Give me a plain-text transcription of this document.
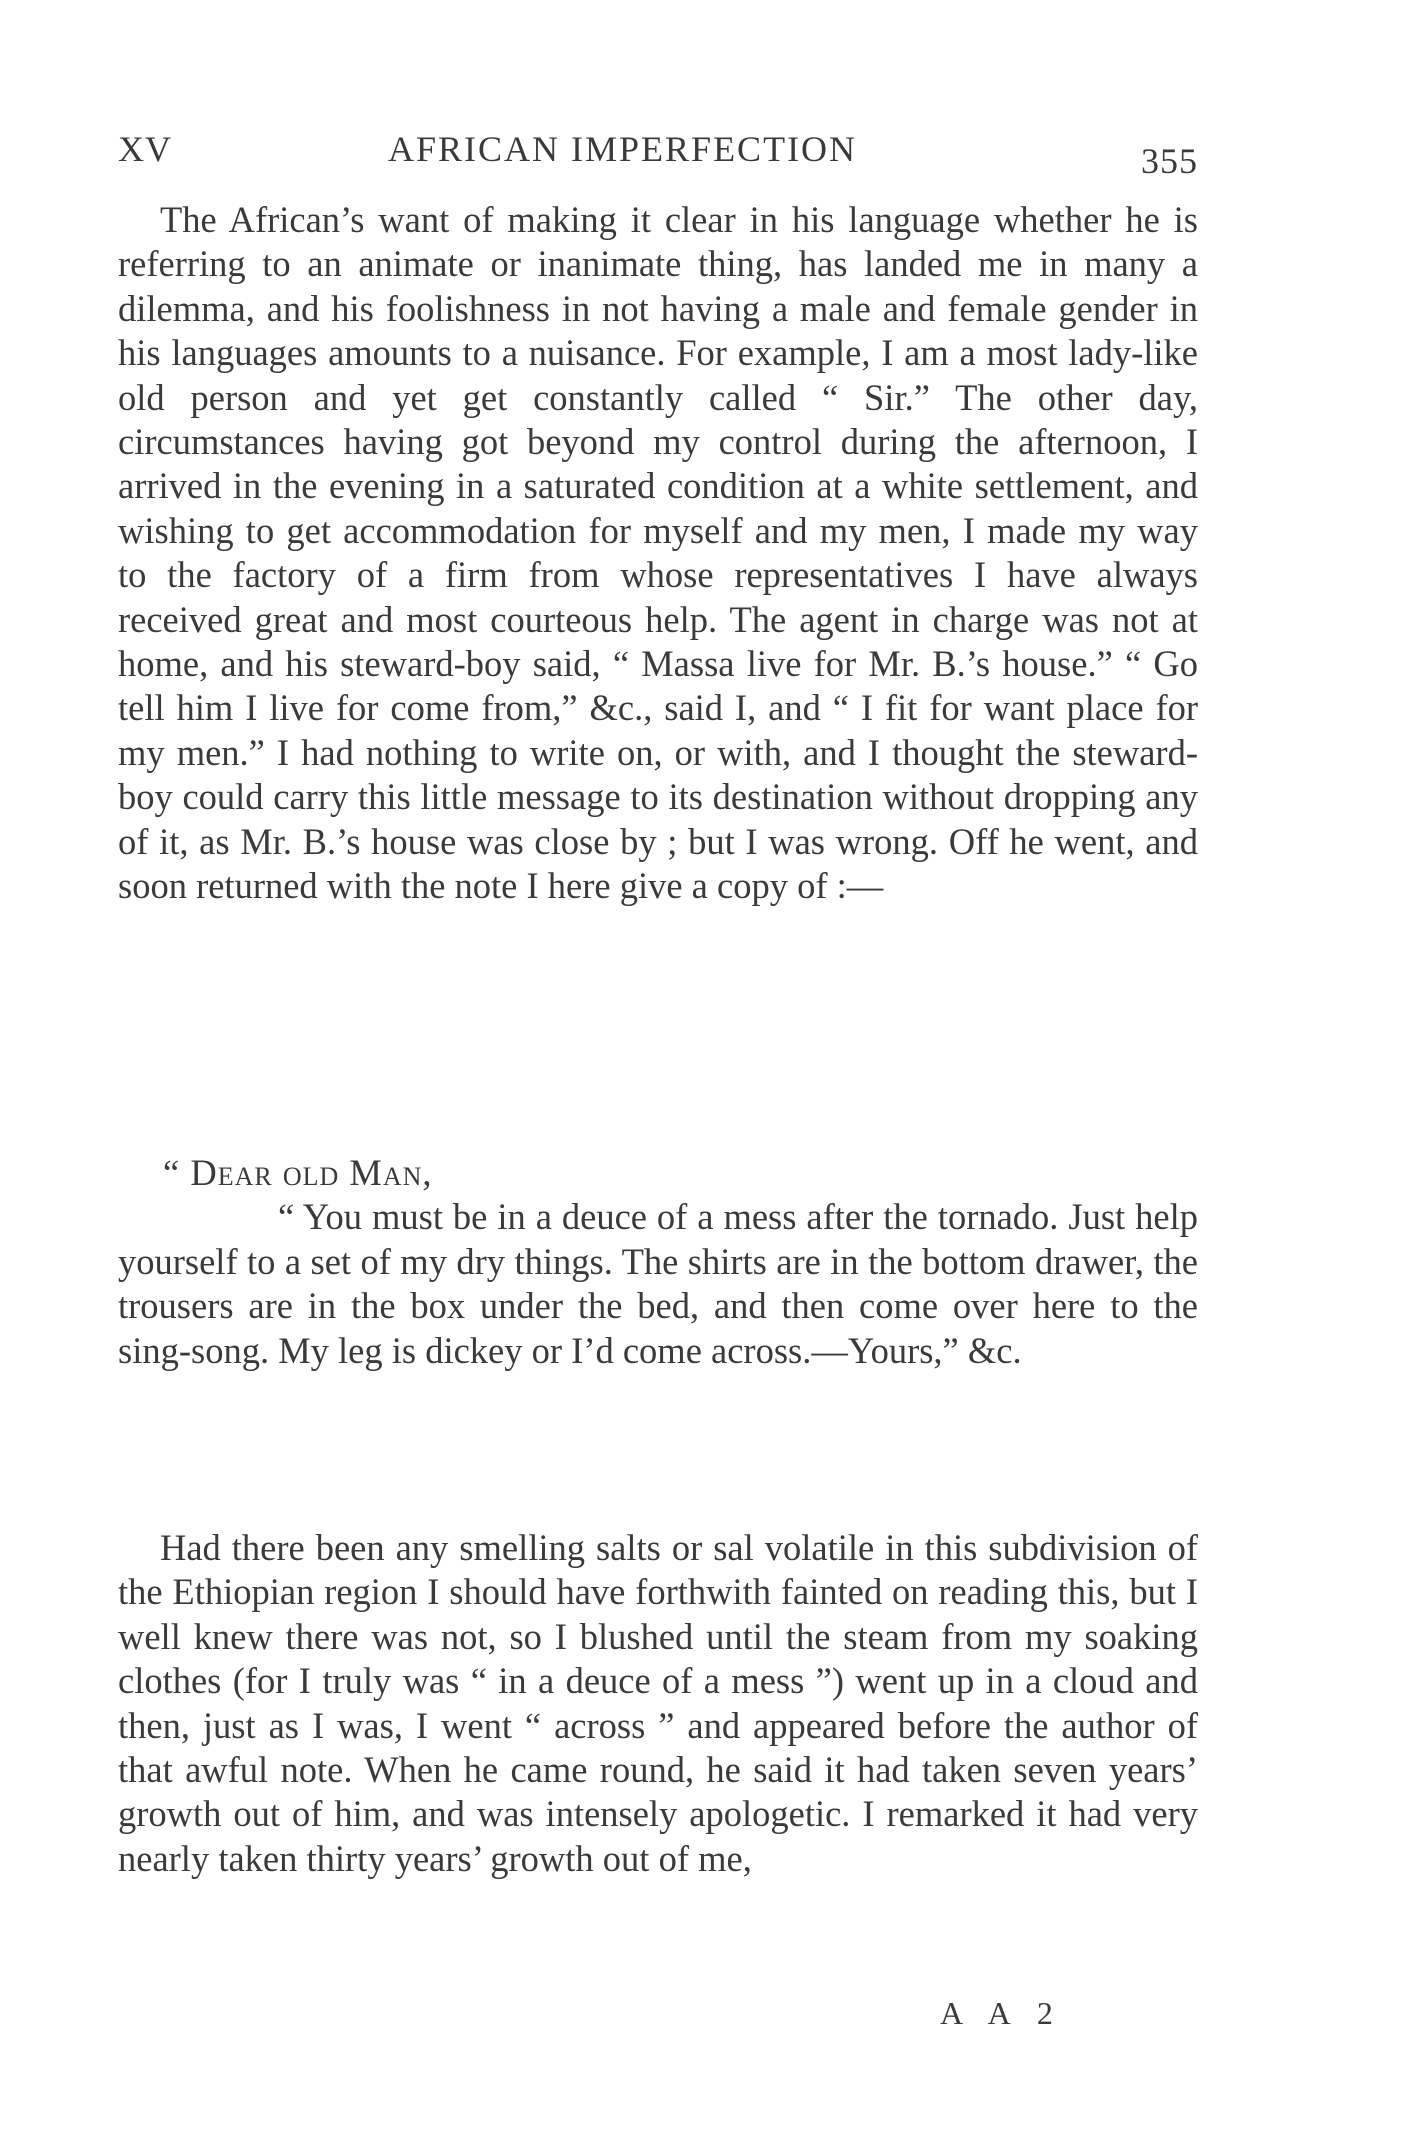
XV	AFRICAN IMPERFECTION	355

The African’s want of making it clear in his language whether he is referring to an animate or inanimate thing, has landed me in many a dilemma, and his foolishness in not having a male and female gender in his languages amounts to a nuisance. For example, I am a most lady-like old person and yet get constantly called “ Sir.” The other day, circumstances having got beyond my control during the afternoon, I arrived in the evening in a saturated condition at a white settlement, and wishing to get accommodation for myself and my men, I made my way to the factory of a firm from whose representatives I have always received great and most courteous help. The agent in charge was not at home, and his steward-boy said, “ Massa live for Mr. B.’s house.” “ Go tell him I live for come from,” &c., said I, and “ I fit for want place for my men.” I had nothing to write on, or with, and I thought the steward-boy could carry this little message to its destination without dropping any of it, as Mr. B.’s house was close by ; but I was wrong. Off he went, and soon returned with the note I here give a copy of :—

“ Dear old Man,

“ You must be in a deuce of a mess after the tornado. Just help yourself to a set of my dry things. The shirts are in the bottom drawer, the trousers are in the box under the bed, and then come over here to the sing-song. My leg is dickey or I’d come across.—Yours,” &c.

Had there been any smelling salts or sal volatile in this subdivision of the Ethiopian region I should have forthwith fainted on reading this, but I well knew there was not, so I blushed until the steam from my soaking clothes (for I truly was “ in a deuce of a mess ”) went up in a cloud and then, just as I was, I went “ across ” and appeared before the author of that awful note. When he came round, he said it had taken seven years’ growth out of him, and was intensely apologetic. I remarked it had very nearly taken thirty years’ growth out of me,

A A 2
